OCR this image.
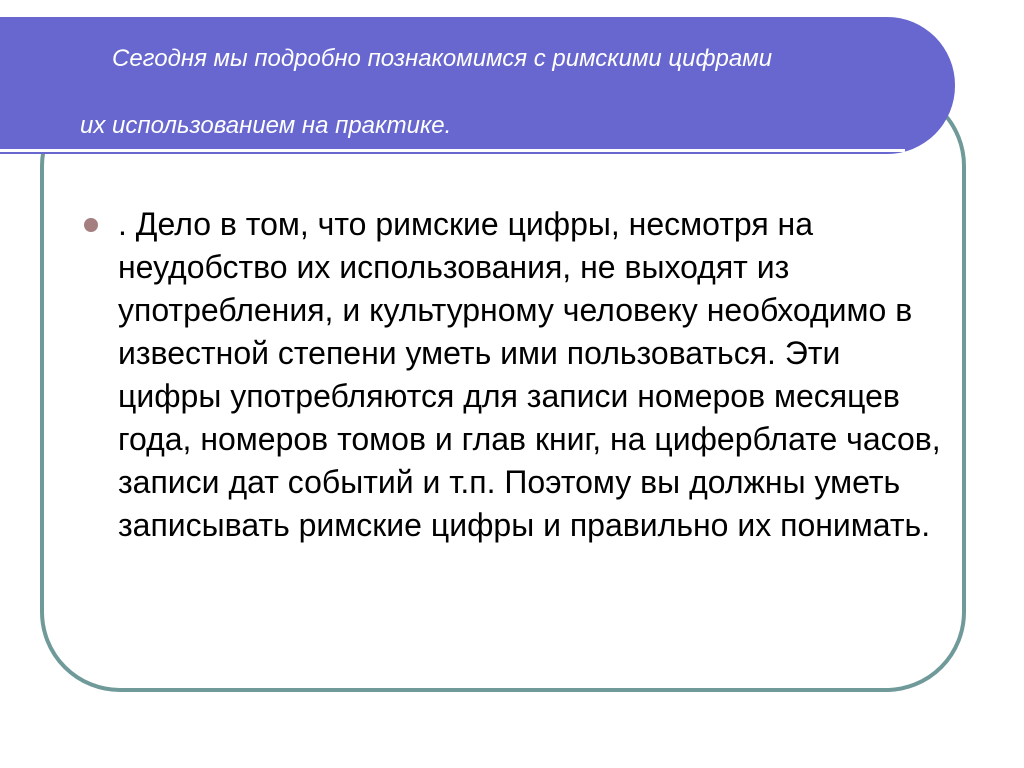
Сегодня мы подробно познакомимся с римскими цифрами
их использованием на практике.
. Дело в том, что римские цифры, несмотря на неудобство их использования, не выходят из употребления, и культурному человеку необходимо в известной степени уметь ими пользоваться. Эти цифры употребляются для записи номеров месяцев года, номеров томов и глав книг, на циферблате часов, записи дат событий и т.п. Поэтому вы должны уметь записывать римские цифры и правильно их понимать.
